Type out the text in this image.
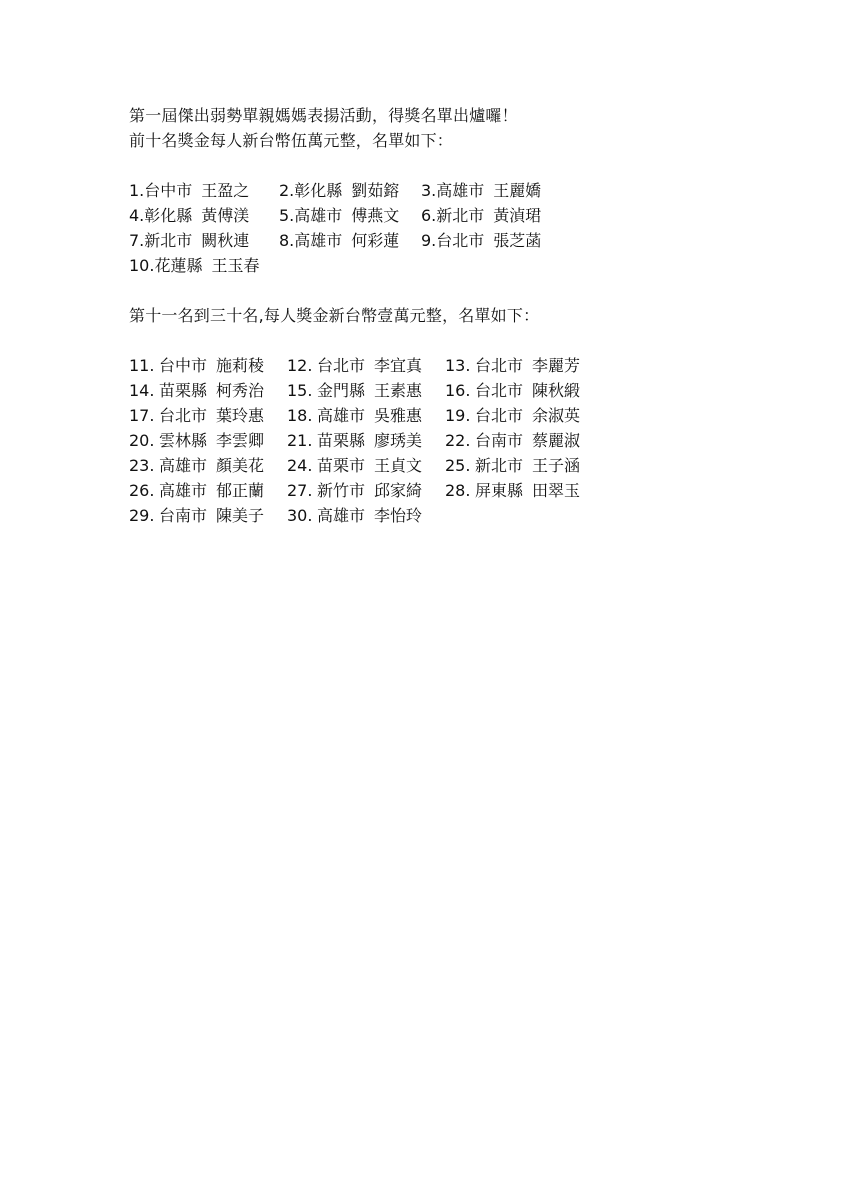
第一屆傑出弱勢單親媽媽表揚活動，得獎名單出爐囉！
前十名獎金每人新台幣伍萬元整，名單如下：
1.台中市 王盈之	2.彰化縣 劉茹鎔	3.高雄市 王麗嬌
4.彰化縣 黃傅渼	5.高雄市 傅燕文	6.新北市 黃湞珺
7.新北市 闕秋連	8.高雄市 何彩蓮	9.台北市 張芝菡
10.花蓮縣 王玉春
第十一名到三十名,每人獎金新台幣壹萬元整，名單如下：
11. 台中市 施莉稜	12. 台北市 李宜真	13. 台北市 李麗芳
14. 苗栗縣 柯秀治	15. 金門縣 王素惠	16. 台北市 陳秋緞
17. 台北市 葉玲惠	18. 高雄市 吳雅惠	19. 台北市 余淑英
20. 雲林縣 李雲卿	21. 苗栗縣 廖琇美	22. 台南市 蔡麗淑
23. 高雄市 顏美花	24. 苗栗市 王貞文	25. 新北市 王子涵
26. 高雄市 郁正蘭	27. 新竹市 邱家綺	28. 屏東縣 田翠玉
29. 台南市 陳美子	30. 高雄市 李怡玲
